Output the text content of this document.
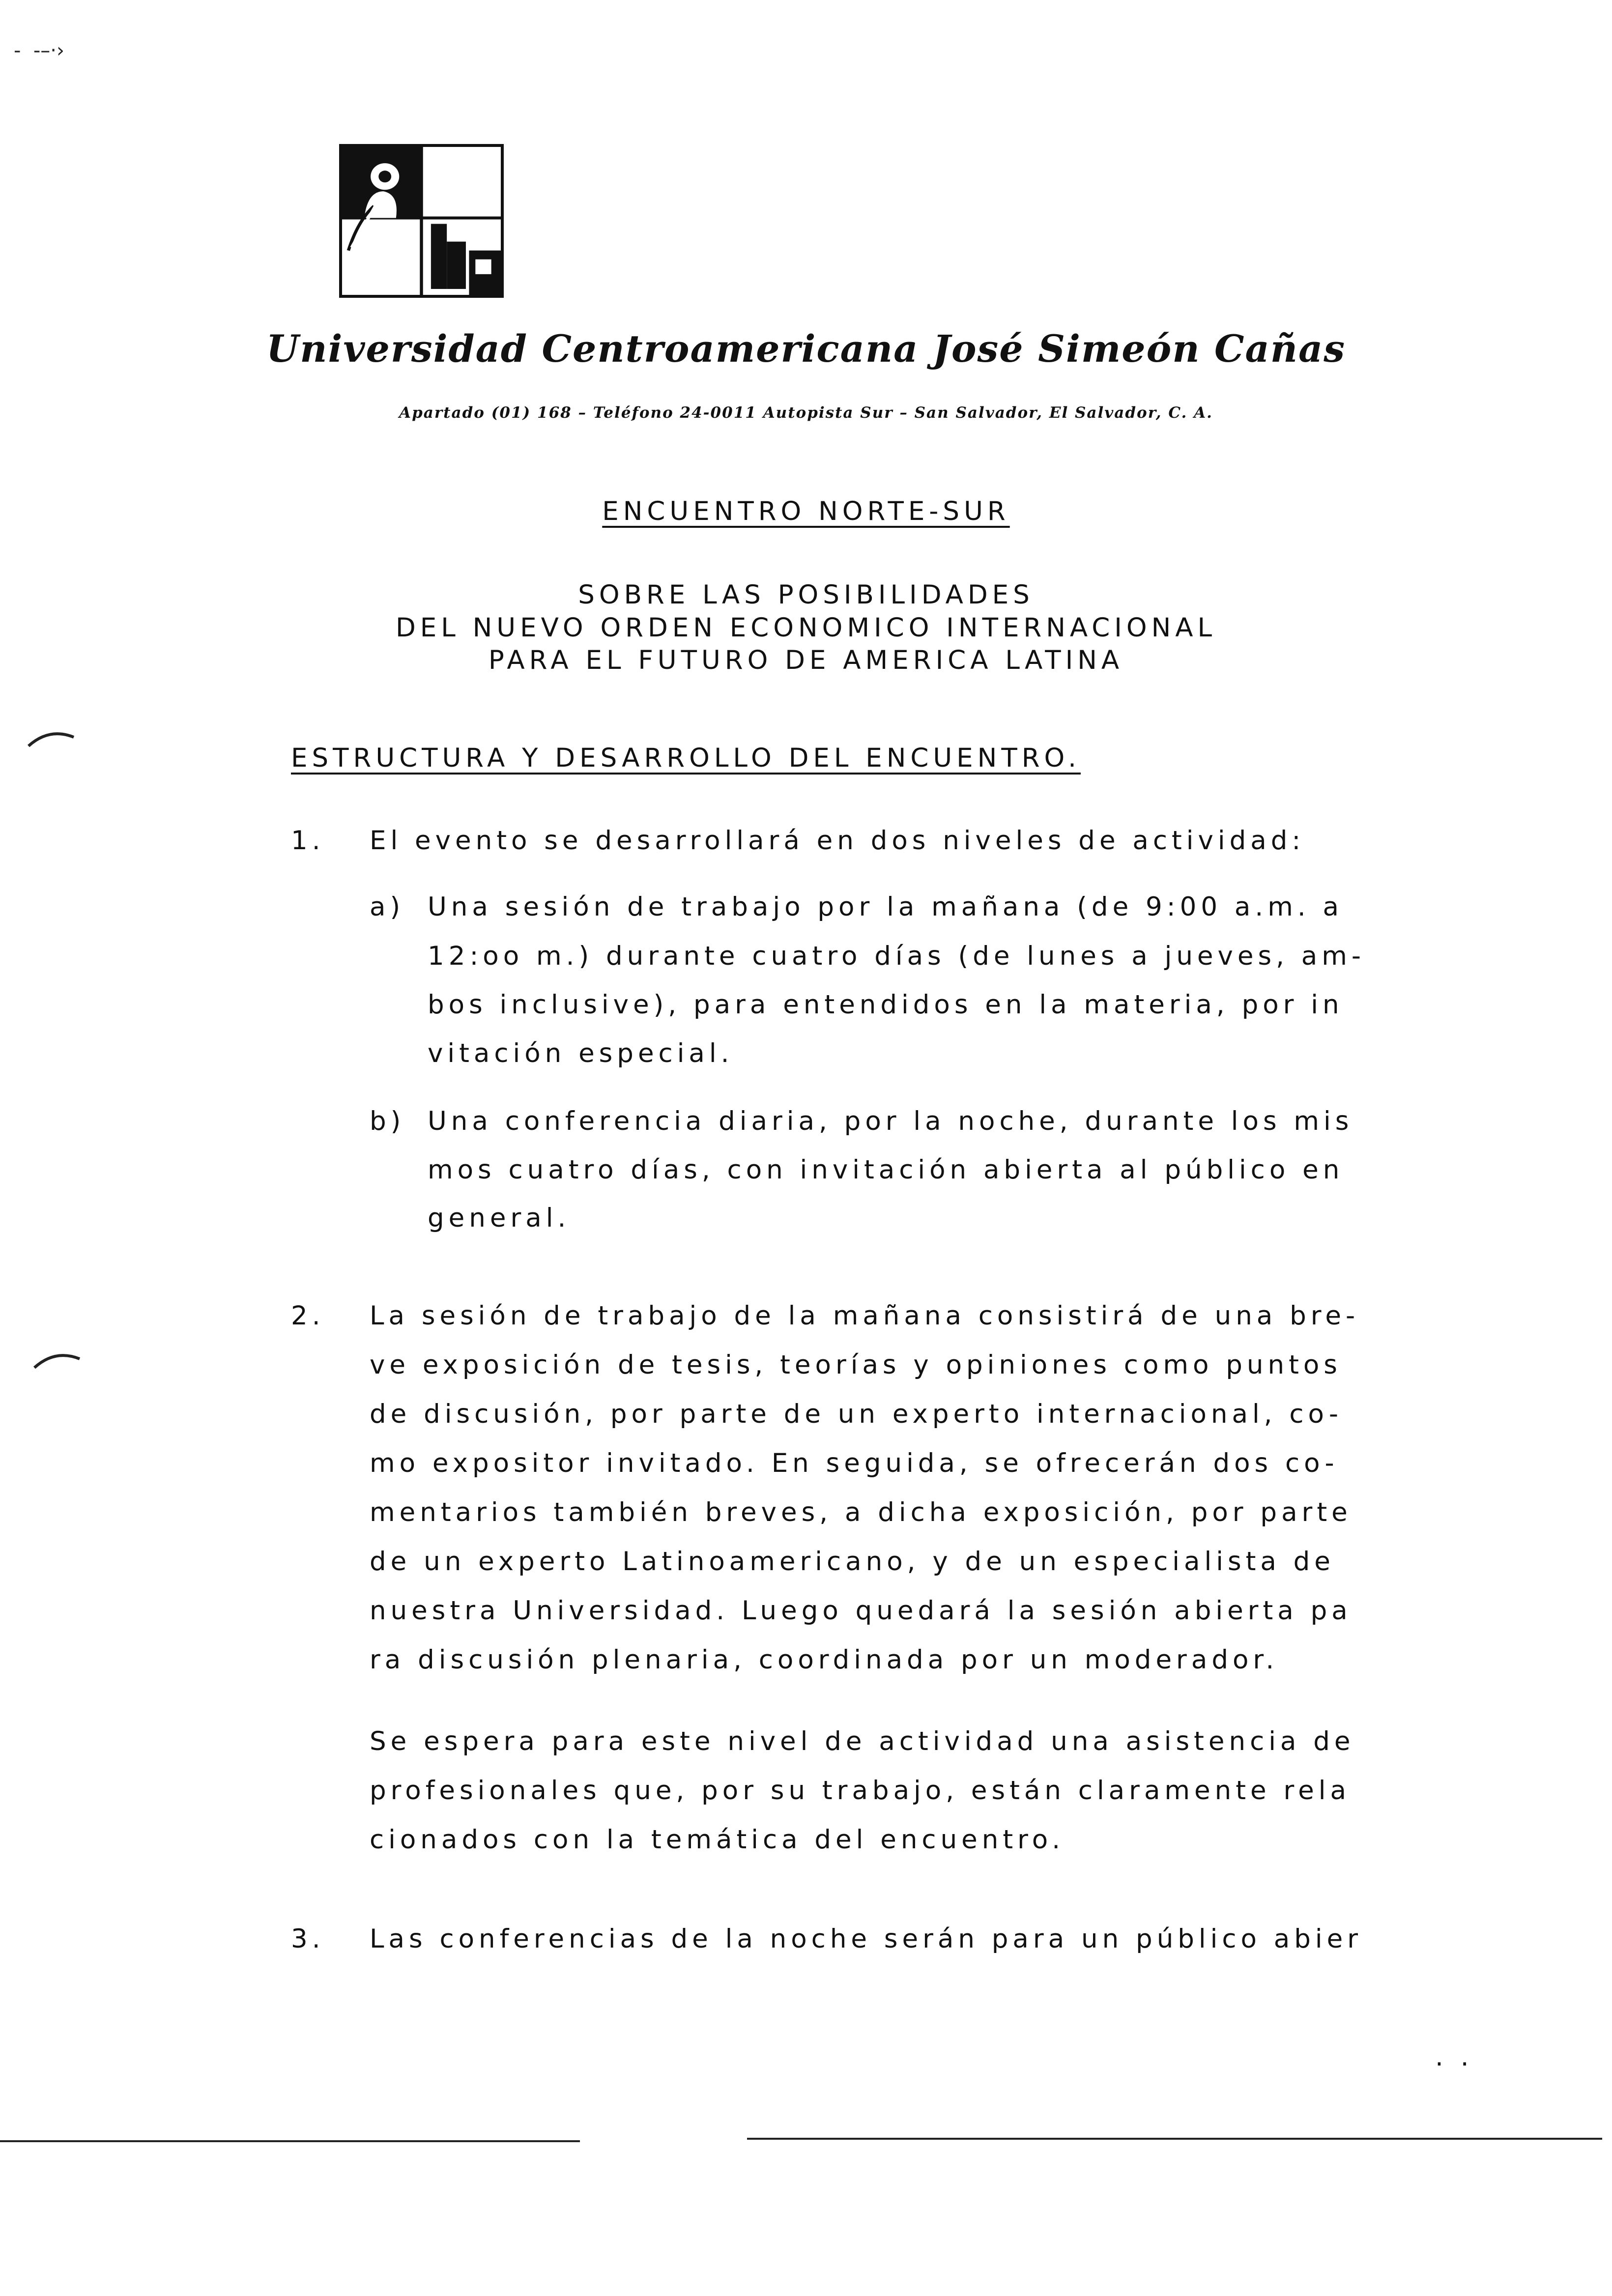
-  -–·›
Universidad Centroamericana José Simeón Cañas
Apartado (01) 168 – Teléfono 24-0011 Autopista Sur – San Salvador, El Salvador, C. A.
ENCUENTRO NORTE-SUR
SOBRE LAS POSIBILIDADES
DEL NUEVO ORDEN ECONOMICO INTERNACIONAL
PARA EL FUTURO DE AMERICA LATINA
ESTRUCTURA Y DESARROLLO DEL ENCUENTRO.
1. El evento se desarrollará en dos niveles de actividad:
a) Una sesión de trabajo por la mañana (de 9:00 a.m. a
12:oo m.) durante cuatro días (de lunes a jueves, am-
bos inclusive), para entendidos en la materia, por in
vitación especial.
b) Una conferencia diaria, por la noche, durante los mis
mos cuatro días, con invitación abierta al público en
general.
2. La sesión de trabajo de la mañana consistirá de una bre-
ve exposición de tesis, teorías y opiniones como puntos
de discusión, por parte de un experto internacional, co-
mo expositor invitado. En seguida, se ofrecerán dos co-
mentarios también breves, a dicha exposición, por parte
de un experto Latinoamericano, y de un especialista de
nuestra Universidad. Luego quedará la sesión abierta pa
ra discusión plenaria, coordinada por un moderador.
Se espera para este nivel de actividad una asistencia de
profesionales que, por su trabajo, están claramente rela
cionados con la temática del encuentro.
3. Las conferencias de la noche serán para un público abier
. .
